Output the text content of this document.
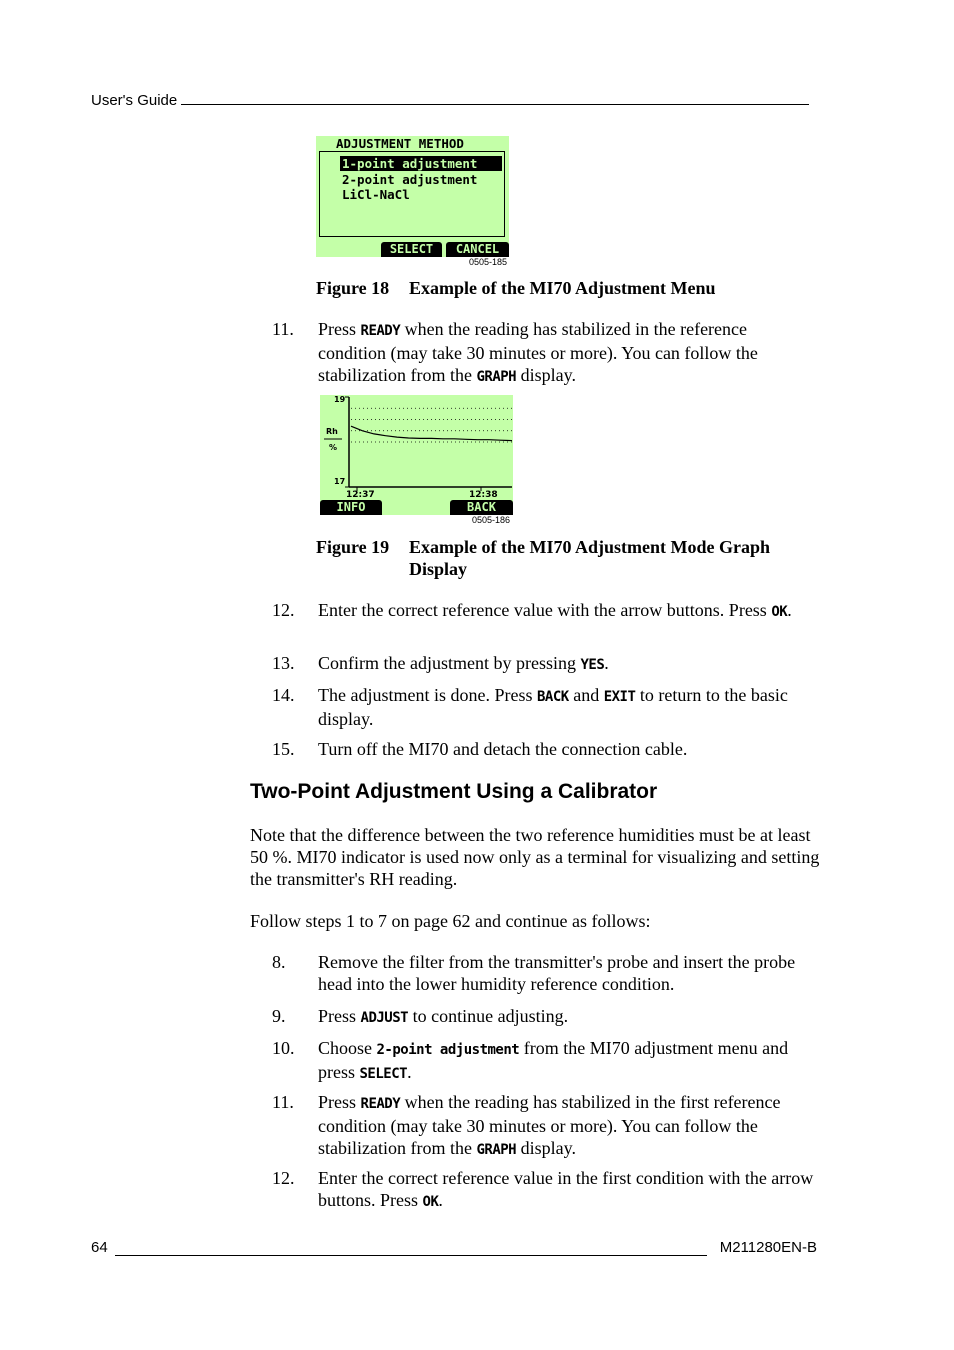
User's Guide
ADJUSTMENT METHOD
1-point adjustment
2-point adjustment
LiCl-NaCl
SELECT	CANCEL
0505-185
Figure 18 Example of the MI70 Adjustment Menu
11. Press READY when the reading has stabilized in the reference condition (may take 30 minutes or more). You can follow the stabilization from the GRAPH display.
19
17
Rh
%
12:37	12:38
INFO	BACK
0505-186
Figure 19 Example of the MI70 Adjustment Mode Graph Display
12. Enter the correct reference value with the arrow buttons. Press OK.
13. Confirm the adjustment by pressing YES.
14. The adjustment is done. Press BACK and EXIT to return to the basic display.
15. Turn off the MI70 and detach the connection cable.
Two-Point Adjustment Using a Calibrator
Note that the difference between the two reference humidities must be at least 50 %. MI70 indicator is used now only as a terminal for visualizing and setting the transmitter's RH reading.
Follow steps 1 to 7 on page 62 and continue as follows:
8. Remove the filter from the transmitter's probe and insert the probe head into the lower humidity reference condition.
9. Press ADJUST to continue adjusting.
10. Choose 2-point adjustment from the MI70 adjustment menu and press SELECT.
11. Press READY when the reading has stabilized in the first reference condition (may take 30 minutes or more). You can follow the stabilization from the GRAPH display.
12. Enter the correct reference value in the first condition with the arrow buttons. Press OK.
64	M211280EN-B
